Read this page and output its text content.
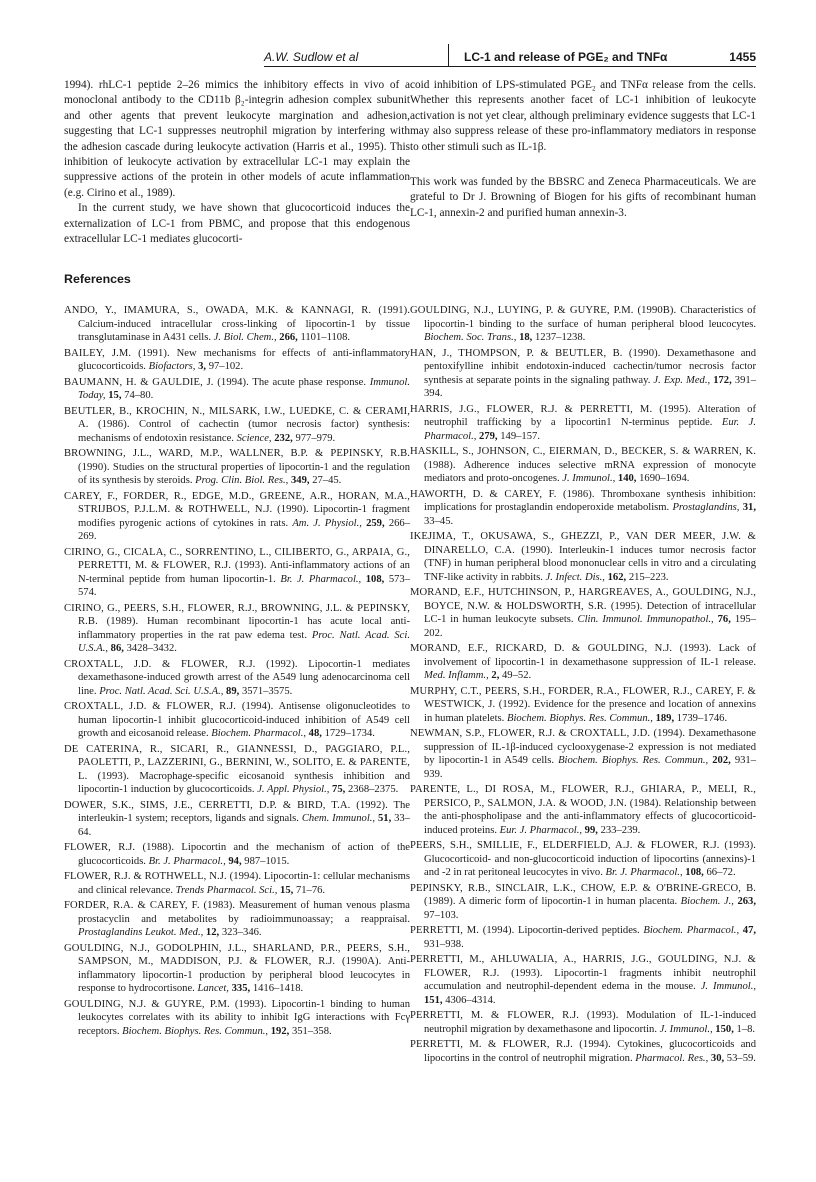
A.W. Sudlow et al	LC-1 and release of PGE₂ and TNFα	1455

1994). rhLC-1 peptide 2–26 mimics the inhibitory effects in vivo of a monoclonal antibody to the CD11b β₂-integrin adhesion complex subunit and other agents that prevent leukocyte margination and adhesion, suggesting that LC-1 suppresses neutrophil migration by interfering with the adhesion cascade during leukocyte activation (Harris et al., 1995). This inhibition of leukocyte activation by extracellular LC-1 may explain the suppressive actions of the protein in other models of acute inflammation (e.g. Cirino et al., 1989).

In the current study, we have shown that glucocorticoid induces the externalization of LC-1 from PBMC, and propose that this endogenous extracellular LC-1 mediates glucocorti-

coid inhibition of LPS-stimulated PGE₂ and TNFα release from the cells. Whether this represents another facet of LC-1 inhibition of leukocyte activation is not yet clear, although preliminary evidence suggests that LC-1 may also suppress release of these pro-inflammatory mediators in response to other stimuli such as IL-1β.

This work was funded by the BBSRC and Zeneca Pharmaceuticals. We are grateful to Dr J. Browning of Biogen for his gifts of recombinant human LC-1, annexin-2 and purified human annexin-3.

References

ANDO, Y., IMAMURA, S., OWADA, M.K. & KANNAGI, R. (1991). Calcium-induced intracellular cross-linking of lipocortin-1 by tissue transglutaminase in A431 cells. J. Biol. Chem., 266, 1101–1108.

BAILEY, J.M. (1991). New mechanisms for effects of anti-inflammatory glucocorticoids. Biofactors, 3, 97–102.

BAUMANN, H. & GAULDIE, J. (1994). The acute phase response. Immunol. Today, 15, 74–80.

BEUTLER, B., KROCHIN, N., MILSARK, I.W., LUEDKE, C. & CERAMI, A. (1986). Control of cachectin (tumor necrosis factor) synthesis: mechanisms of endotoxin resistance. Science, 232, 977–979.

BROWNING, J.L., WARD, M.P., WALLNER, B.P. & PEPINSKY, R.B. (1990). Studies on the structural properties of lipocortin-1 and the regulation of its synthesis by steroids. Prog. Clin. Biol. Res., 349, 27–45.

CAREY, F., FORDER, R., EDGE, M.D., GREENE, A.R., HORAN, M.A., STRIJBOS, P.J.L.M. & ROTHWELL, N.J. (1990). Lipocortin-1 fragment modifies pyrogenic actions of cytokines in rats. Am. J. Physiol., 259, 266–269.

CIRINO, G., CICALA, C., SORRENTINO, L., CILIBERTO, G., ARPAIA, G., PERRETTI, M. & FLOWER, R.J. (1993). Anti-inflammatory actions of an N-terminal peptide from human lipocortin-1. Br. J. Pharmacol., 108, 573–574.

CIRINO, G., PEERS, S.H., FLOWER, R.J., BROWNING, J.L. & PEPINSKY, R.B. (1989). Human recombinant lipocortin-1 has acute local anti-inflammatory properties in the rat paw edema test. Proc. Natl. Acad. Sci. U.S.A., 86, 3428–3432.

CROXTALL, J.D. & FLOWER, R.J. (1992). Lipocortin-1 mediates dexamethasone-induced growth arrest of the A549 lung adenocarcinoma cell line. Proc. Natl. Acad. Sci. U.S.A., 89, 3571–3575.

CROXTALL, J.D. & FLOWER, R.J. (1994). Antisense oligonucleotides to human lipocortin-1 inhibit glucocorticoid-induced inhibition of A549 cell growth and eicosanoid release. Biochem. Pharmacol., 48, 1729–1734.

DE CATERINA, R., SICARI, R., GIANNESSI, D., PAGGIARO, P.L., PAOLETTI, P., LAZZERINI, G., BERNINI, W., SOLITO, E. & PARENTE, L. (1993). Macrophage-specific eicosanoid synthesis inhibition and lipocortin-1 induction by glucocorticoids. J. Appl. Physiol., 75, 2368–2375.

DOWER, S.K., SIMS, J.E., CERRETTI, D.P. & BIRD, T.A. (1992). The interleukin-1 system; receptors, ligands and signals. Chem. Immunol., 51, 33–64.

FLOWER, R.J. (1988). Lipocortin and the mechanism of action of the glucocorticoids. Br. J. Pharmacol., 94, 987–1015.

FLOWER, R.J. & ROTHWELL, N.J. (1994). Lipocortin-1: cellular mechanisms and clinical relevance. Trends Pharmacol. Sci., 15, 71–76.

FORDER, R.A. & CAREY, F. (1983). Measurement of human venous plasma prostacyclin and metabolites by radioimmunoassay; a reappraisal. Prostaglandins Leukot. Med., 12, 323–346.

GOULDING, N.J., GODOLPHIN, J.L., SHARLAND, P.R., PEERS, S.H., SAMPSON, M., MADDISON, P.J. & FLOWER, R.J. (1990A). Anti-inflammatory lipocortin-1 production by peripheral blood leucocytes in response to hydrocortisone. Lancet, 335, 1416–1418.

GOULDING, N.J. & GUYRE, P.M. (1993). Lipocortin-1 binding to human leukocytes correlates with its ability to inhibit IgG interactions with Fcγ receptors. Biochem. Biophys. Res. Commun., 192, 351–358.

GOULDING, N.J., LUYING, P. & GUYRE, P.M. (1990B). Characteristics of lipocortin-1 binding to the surface of human peripheral blood leucocytes. Biochem. Soc. Trans., 18, 1237–1238.

HAN, J., THOMPSON, P. & BEUTLER, B. (1990). Dexamethasone and pentoxifylline inhibit endotoxin-induced cachectin/tumor necrosis factor synthesis at separate points in the signaling pathway. J. Exp. Med., 172, 391–394.

HARRIS, J.G., FLOWER, R.J. & PERRETTI, M. (1995). Alteration of neutrophil trafficking by a lipocortin1 N-terminus peptide. Eur. J. Pharmacol., 279, 149–157.

HASKILL, S., JOHNSON, C., EIERMAN, D., BECKER, S. & WARREN, K. (1988). Adherence induces selective mRNA expression of monocyte mediators and proto-oncogenes. J. Immunol., 140, 1690–1694.

HAWORTH, D. & CAREY, F. (1986). Thromboxane synthesis inhibition: implications for prostaglandin endoperoxide metabolism. Prostaglandins, 31, 33–45.

IKEJIMA, T., OKUSAWA, S., GHEZZI, P., VAN DER MEER, J.W. & DINARELLO, C.A. (1990). Interleukin-1 induces tumor necrosis factor (TNF) in human peripheral blood mononuclear cells in vitro and a circulating TNF-like activity in rabbits. J. Infect. Dis., 162, 215–223.

MORAND, E.F., HUTCHINSON, P., HARGREAVES, A., GOULDING, N.J., BOYCE, N.W. & HOLDSWORTH, S.R. (1995). Detection of intracellular LC-1 in human leukocyte subsets. Clin. Immunol. Immunopathol., 76, 195–202.

MORAND, E.F., RICKARD, D. & GOULDING, N.J. (1993). Lack of involvement of lipocortin-1 in dexamethasone suppression of IL-1 release. Med. Inflamm., 2, 49–52.

MURPHY, C.T., PEERS, S.H., FORDER, R.A., FLOWER, R.J., CAREY, F. & WESTWICK, J. (1992). Evidence for the presence and location of annexins in human platelets. Biochem. Biophys. Res. Commun., 189, 1739–1746.

NEWMAN, S.P., FLOWER, R.J. & CROXTALL, J.D. (1994). Dexamethasone suppression of IL-1β-induced cyclooxygenase-2 expression is not mediated by lipocortin-1 in A549 cells. Biochem. Biophys. Res. Commun., 202, 931–939.

PARENTE, L., DI ROSA, M., FLOWER, R.J., GHIARA, P., MELI, R., PERSICO, P., SALMON, J.A. & WOOD, J.N. (1984). Relationship between the anti-phospholipase and the anti-inflammatory effects of glucocorticoid-induced proteins. Eur. J. Pharmacol., 99, 233–239.

PEERS, S.H., SMILLIE, F., ELDERFIELD, A.J. & FLOWER, R.J. (1993). Glucocorticoid- and non-glucocorticoid induction of lipocortins (annexins)-1 and -2 in rat peritoneal leucocytes in vivo. Br. J. Pharmacol., 108, 66–72.

PEPINSKY, R.B., SINCLAIR, L.K., CHOW, E.P. & O'BRINE-GRECO, B. (1989). A dimeric form of lipocortin-1 in human placenta. Biochem. J., 263, 97–103.

PERRETTI, M. (1994). Lipocortin-derived peptides. Biochem. Pharmacol., 47, 931–938.

PERRETTI, M., AHLUWALIA, A., HARRIS, J.G., GOULDING, N.J. & FLOWER, R.J. (1993). Lipocortin-1 fragments inhibit neutrophil accumulation and neutrophil-dependent edema in the mouse. J. Immunol., 151, 4306–4314.

PERRETTI, M. & FLOWER, R.J. (1993). Modulation of IL-1-induced neutrophil migration by dexamethasone and lipocortin. J. Immunol., 150, 1–8.

PERRETTI, M. & FLOWER, R.J. (1994). Cytokines, glucocorticoids and lipocortins in the control of neutrophil migration. Pharmacol. Res., 30, 53–59.
